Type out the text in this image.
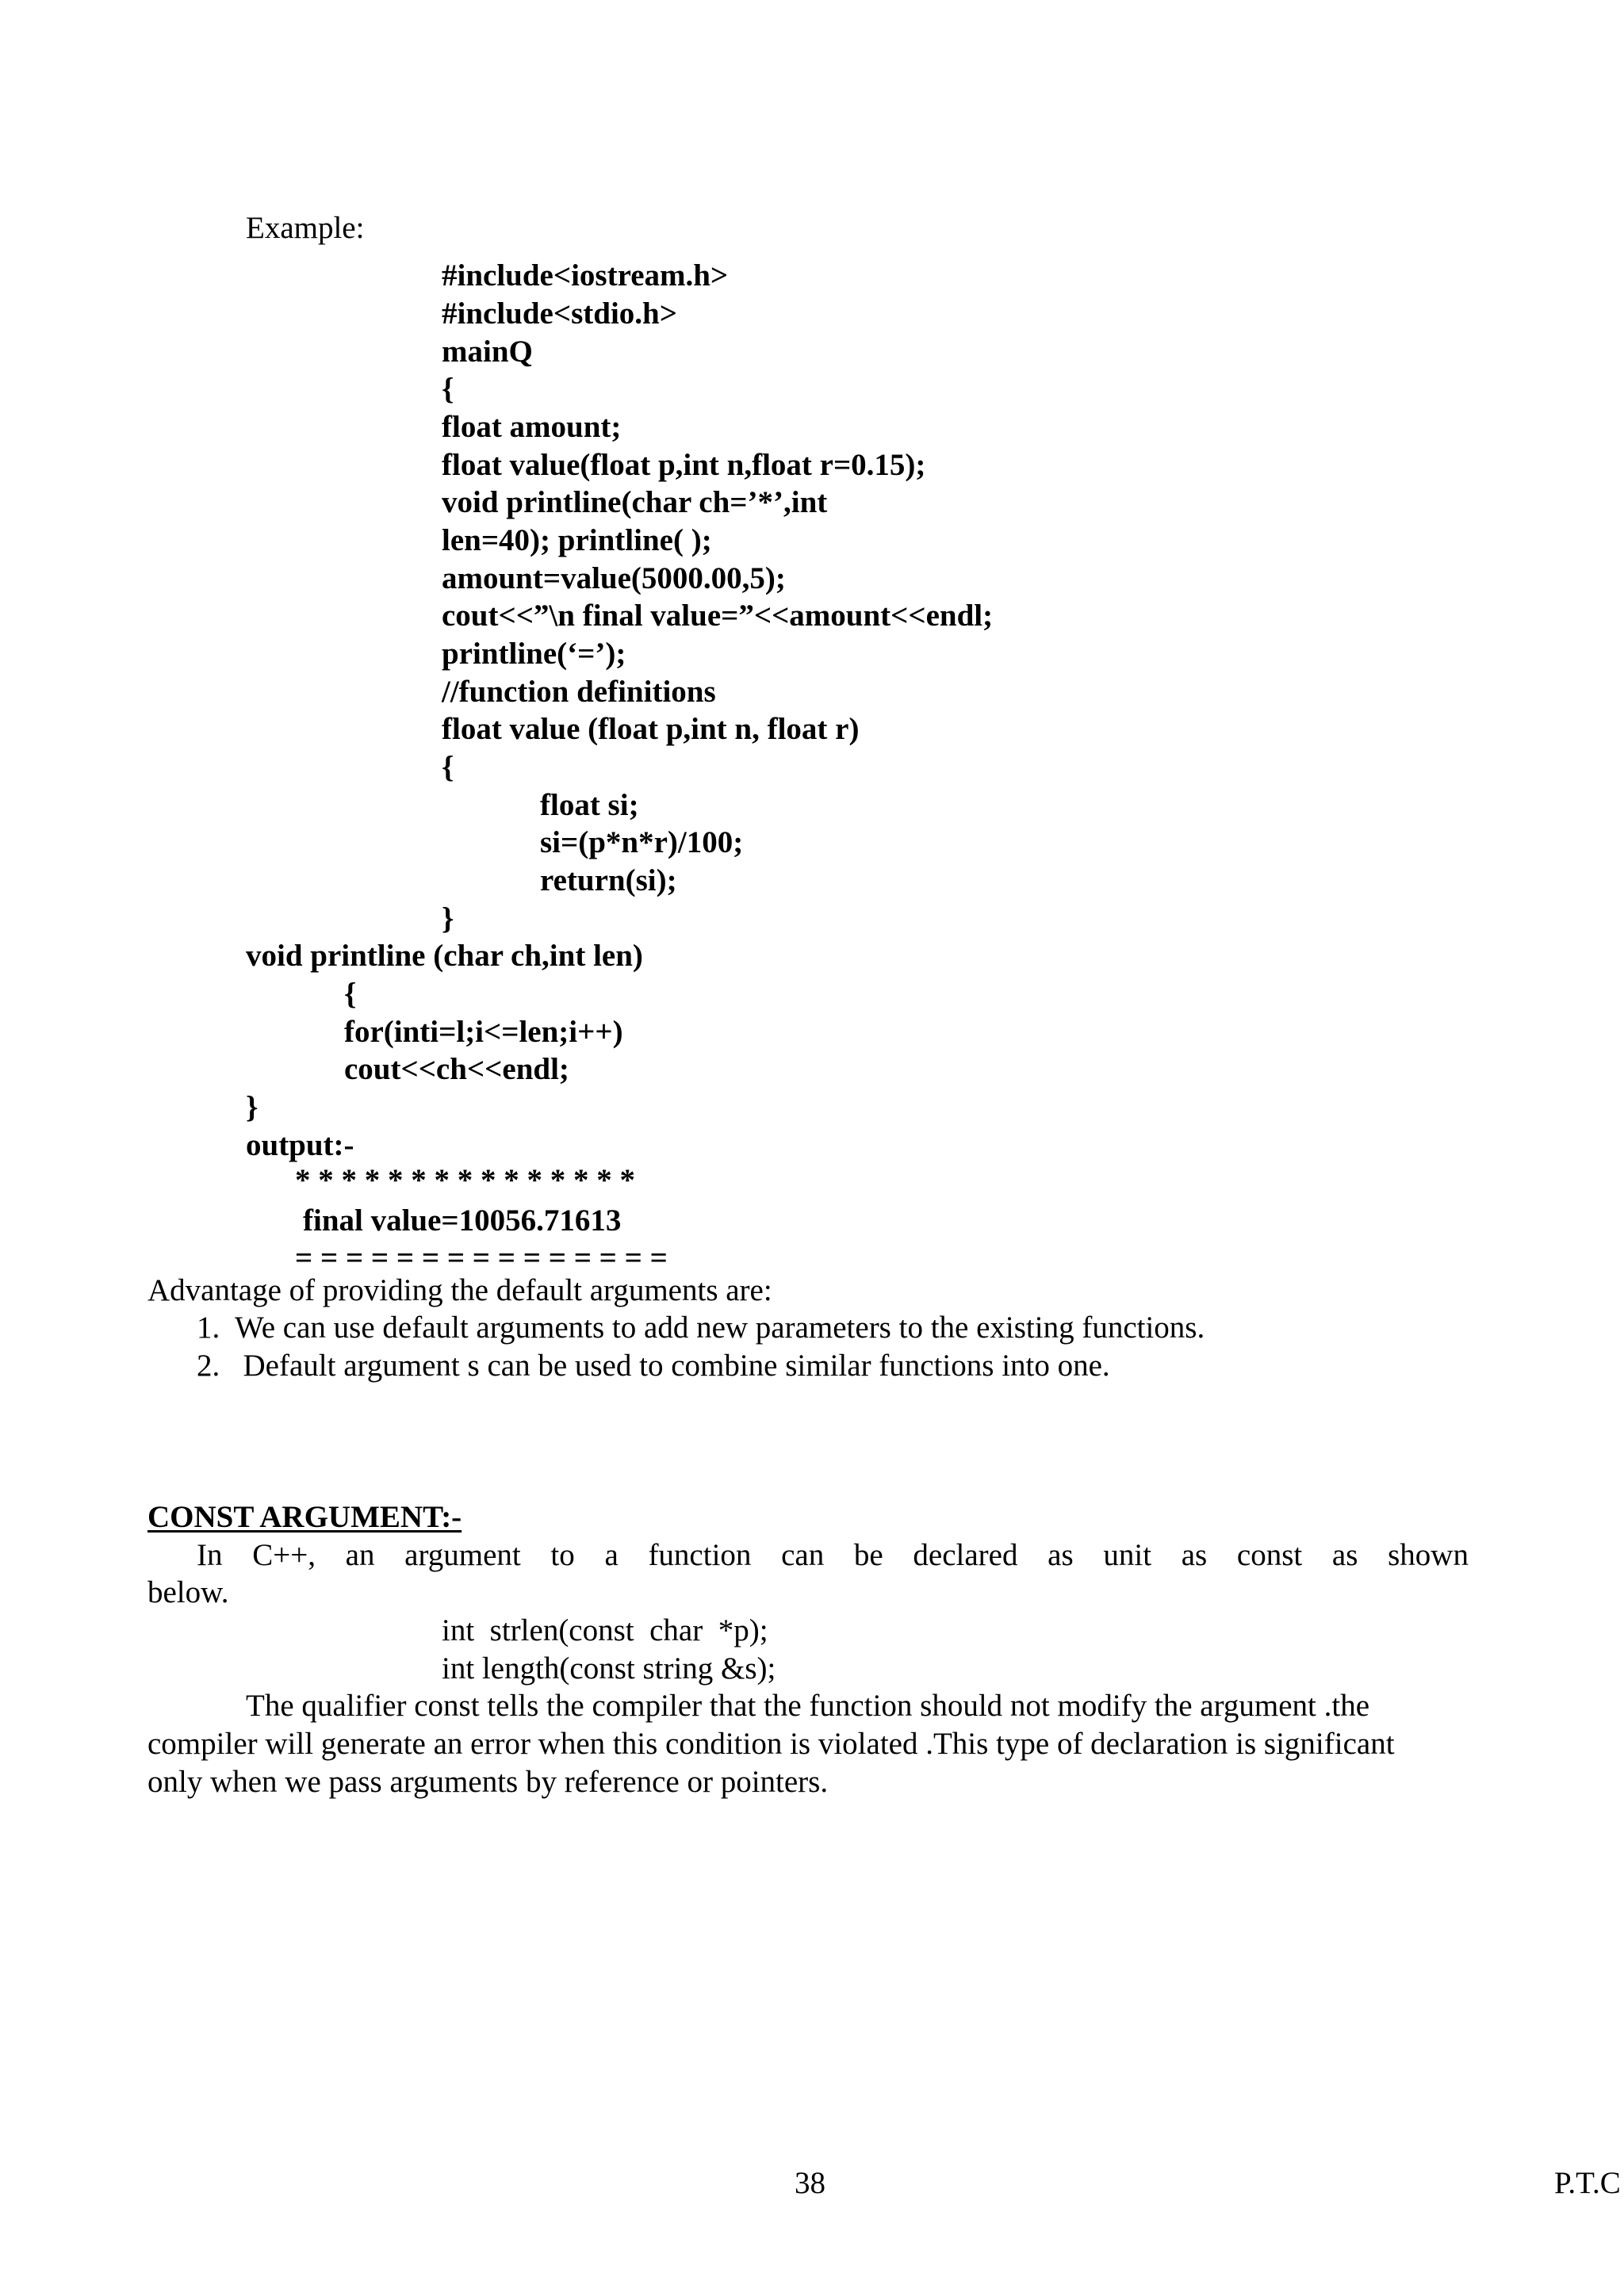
Example:
#include<iostream.h>
#include<stdio.h>
mainQ
{
float amount;
float value(float p,int n,float r=0.15);
void printline(char ch=’*’,int
len=40); printline( );
amount=value(5000.00,5);
cout<<”\n final value=”<<amount<<endl;
printline(‘=’);
//function definitions
float value (float p,int n, float r)
{
float si;
si=(p*n*r)/100;
return(si);
}
void printline (char ch,int len)
{
for(inti=l;i<=len;i++)
cout<<ch<<endl;
}
output:-
* * * * * * * * * * * * * * *
final value=10056.71613
= = = = = = = = = = = = = = =
Advantage of providing the default arguments are:
1.  We can use default arguments to add new parameters to the existing functions.
2.   Default argument s can be used to combine similar functions into one.
CONST ARGUMENT:-
In C++, an argument to a function can be declared as unit as const as shown
below.
int  strlen(const  char  *p);
int length(const string &s);
The qualifier const tells the compiler that the function should not modify the argument .the
compiler will generate an error when this condition is violated .This type of declaration is significant
only when we pass arguments by reference or pointers.
38	P.T.C
